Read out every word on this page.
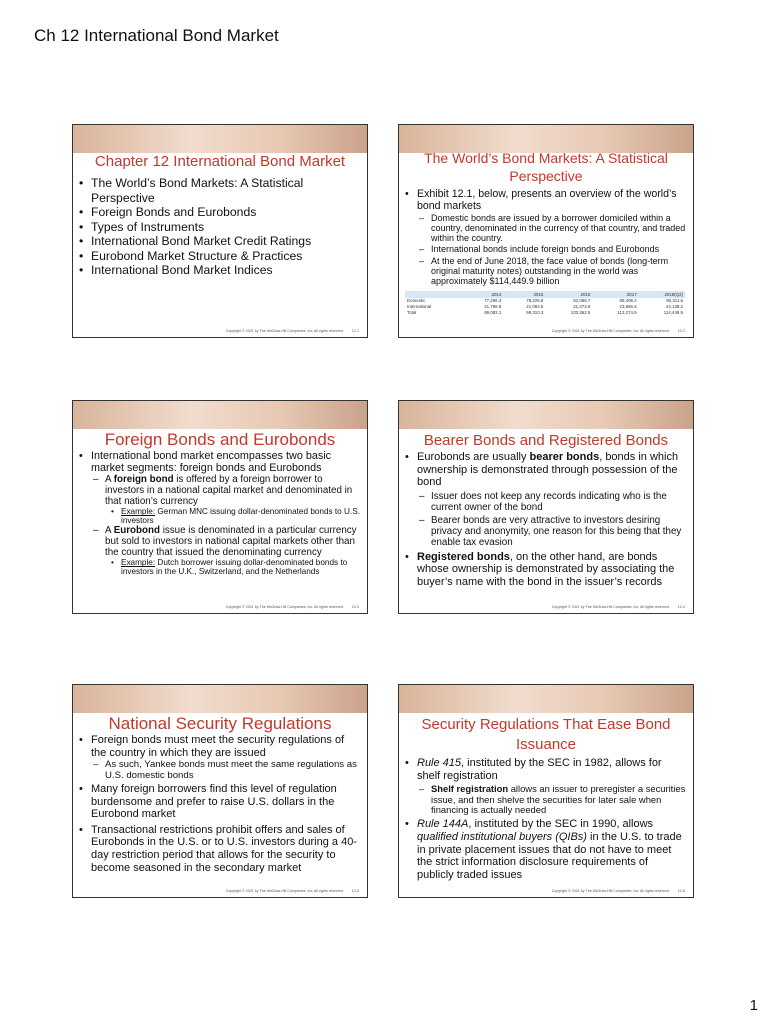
Ch 12 International Bond Market
Chapter 12 International Bond Market
• The World’s Bond Markets: A Statistical Perspective
• Foreign Bonds and Eurobonds
• Types of Instruments
• International Bond Market Credit Ratings
• Eurobond Market Structure & Practices
• International Bond Market Indices
Copyright © 2021 by The McGraw-Hill Companies, Inc. All rights reserved. 12-1
The World’s Bond Markets: A Statistical Perspective
• Exhibit 12.1, below, presents an overview of the world’s bond markets
– Domestic bonds are issued by a borrower domiciled within a country, denominated in the currency of that country, and traded within the country.
– International bonds include foreign bonds and Eurobonds
– At the end of June 2018, the face value of bonds (long-term original maturity notes) outstanding in the world was approximately $114,449.9 billion
	2014	2015	2016	2017	2018(Q2)
Domestic	77,296.3	78,225.8	82,088.7	89,409.2	90,311.6
International	21,786.8	21,084.5	21,273.8	23,865.6	24,138.2
Total	99,083.1	99,310.3	103,362.5	113,274.9	114,449.9
Copyright © 2021 by The McGraw-Hill Companies, Inc. All rights reserved. 12-2
Foreign Bonds and Eurobonds
• International bond market encompasses two basic market segments: foreign bonds and Eurobonds
– A foreign bond is offered by a foreign borrower to investors in a national capital market and denominated in that nation’s currency
• Example: German MNC issuing dollar-denominated bonds to U.S. investors
– A Eurobond issue is denominated in a particular currency but sold to investors in national capital markets other than the country that issued the denominating currency
• Example: Dutch borrower issuing dollar-denominated bonds to investors in the U.K., Switzerland, and the Netherlands
Copyright © 2021 by The McGraw-Hill Companies, Inc. All rights reserved. 12-3
Bearer Bonds and Registered Bonds
• Eurobonds are usually bearer bonds, bonds in which ownership is demonstrated through possession of the bond
– Issuer does not keep any records indicating who is the current owner of the bond
– Bearer bonds are very attractive to investors desiring privacy and anonymity, one reason for this being that they enable tax evasion
• Registered bonds, on the other hand, are bonds whose ownership is demonstrated by associating the buyer’s name with the bond in the issuer’s records
Copyright © 2021 by The McGraw-Hill Companies, Inc. All rights reserved. 12-4
National Security Regulations
• Foreign bonds must meet the security regulations of the country in which they are issued
– As such, Yankee bonds must meet the same regulations as U.S. domestic bonds
• Many foreign borrowers find this level of regulation burdensome and prefer to raise U.S. dollars in the Eurobond market
• Transactional restrictions prohibit offers and sales of Eurobonds in the U.S. or to U.S. investors during a 40-day restriction period that allows for the security to become seasoned in the secondary market
Copyright © 2021 by The McGraw-Hill Companies, Inc. All rights reserved. 12-5
Security Regulations That Ease Bond Issuance
• Rule 415, instituted by the SEC in 1982, allows for shelf registration
– Shelf registration allows an issuer to preregister a securities issue, and then shelve the securities for later sale when financing is actually needed
• Rule 144A, instituted by the SEC in 1990, allows qualified institutional buyers (QIBs) in the U.S. to trade in private placement issues that do not have to meet the strict information disclosure requirements of publicly traded issues
Copyright © 2021 by The McGraw-Hill Companies, Inc. All rights reserved. 12-6
1
